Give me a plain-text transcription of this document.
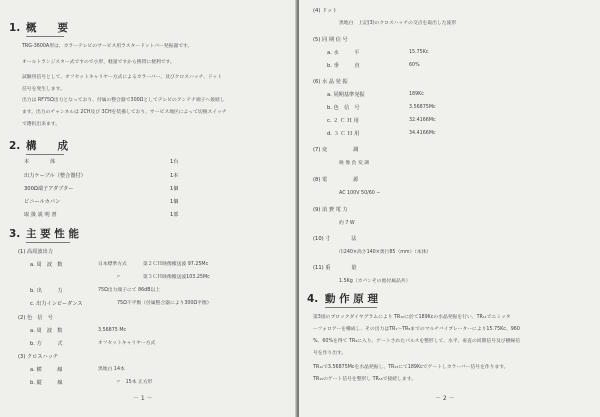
1. 概　　要
TRG-3600A形は、カラーテレビのサービス用ラスタードットバー発振器です。
オールトランジスター式ですので小形、軽量ですから携帯に便利です。
試験用信号として、オフセットキャリヤー方式によるカラーバー、及びクロスハッチ、ドット
信号を発生します。
出力は RF75Ω出力となっており、付属の整合器で300Ωとしてテレビのアンテナ端子へ接続し
ます。出力のチャンネルは 2CH及び 3CHを装備しており、サービス地区によって切換スイッチ
で選択出来ます。
2. 構　　成
本　　　　体	1台
出力ケーブル（整合器付）	1本
300Ω端子アダプター	1個
ビニールカバン	1個
取 扱 説 明 書	1部
3. 主 要 性 能
(1) 高周波出力
a. 周　波　数	日本標準方式	第２ＣＨ映像搬送波 97.25Mc
〃	第３ＣＨ映像搬送波103.25Mc
b. 出　　　力	75Ω出力端子にて 86dB以上
c. 出力インピーダンス	75Ω不平衡（付属整合器により300Ω平衡）
(2) 色　信　号
a. 周　波　数	3.56875 Mc
b. 方　　　式	オフセットキャリヤー方式
(3) クロスハッチ
a. 横　　　線	黒地白 14本
b. 縦　　　線	〃　15本 正方形
－ 1 －
(4) ドット
黒地白　上記(3)のクロスハッチの交点を取出した波形
(5) 同 期 信 号
a. 水　　　平	15.75Kc
b. 垂　　　直	60%
(6) 水 晶 発 振
a. 同期基準発振	189Kc
b. 色　信　号	3.56875Mc
c. ２ Ｃ Ｈ 用	32.4166Mc
d. ３ Ｃ Ｈ 用	34.4166Mc
(7) 変　　　　　調
映 像 負 変 調
(8) 電　　　　　源
AC 100V 50/60 ∼
(9) 消 費 電 力
約 7 W
(10) 寸　　　　法
巾240×高さ140×奥行85（mm）（本体）
(11) 重　　　　量
1.5Kg（カバンその他付属品共）
4. 動 作 原 理
第3図のブロックダイヤグラムにより TR₁₀に於て189Kcの水晶発振を行い、TR₁₁でエミッタ
ーフォロアーを構成し、その出力はTR₁～TR₈までのマルチバイブレーターにより15.75Kc、960
%、60%を得て TR₉に入り、ゲートされたパルスを整形して、水平、垂直の同期信号及び横線信
号を作り出す。
TR₁₂で3.56875Mcを水晶発振し、TR₁₃にて189Kcでゲートしカラーバー信号を作ります。
TR₁₅のゲート信号を整形し TR₁₆で接続します。
－ 2 －
